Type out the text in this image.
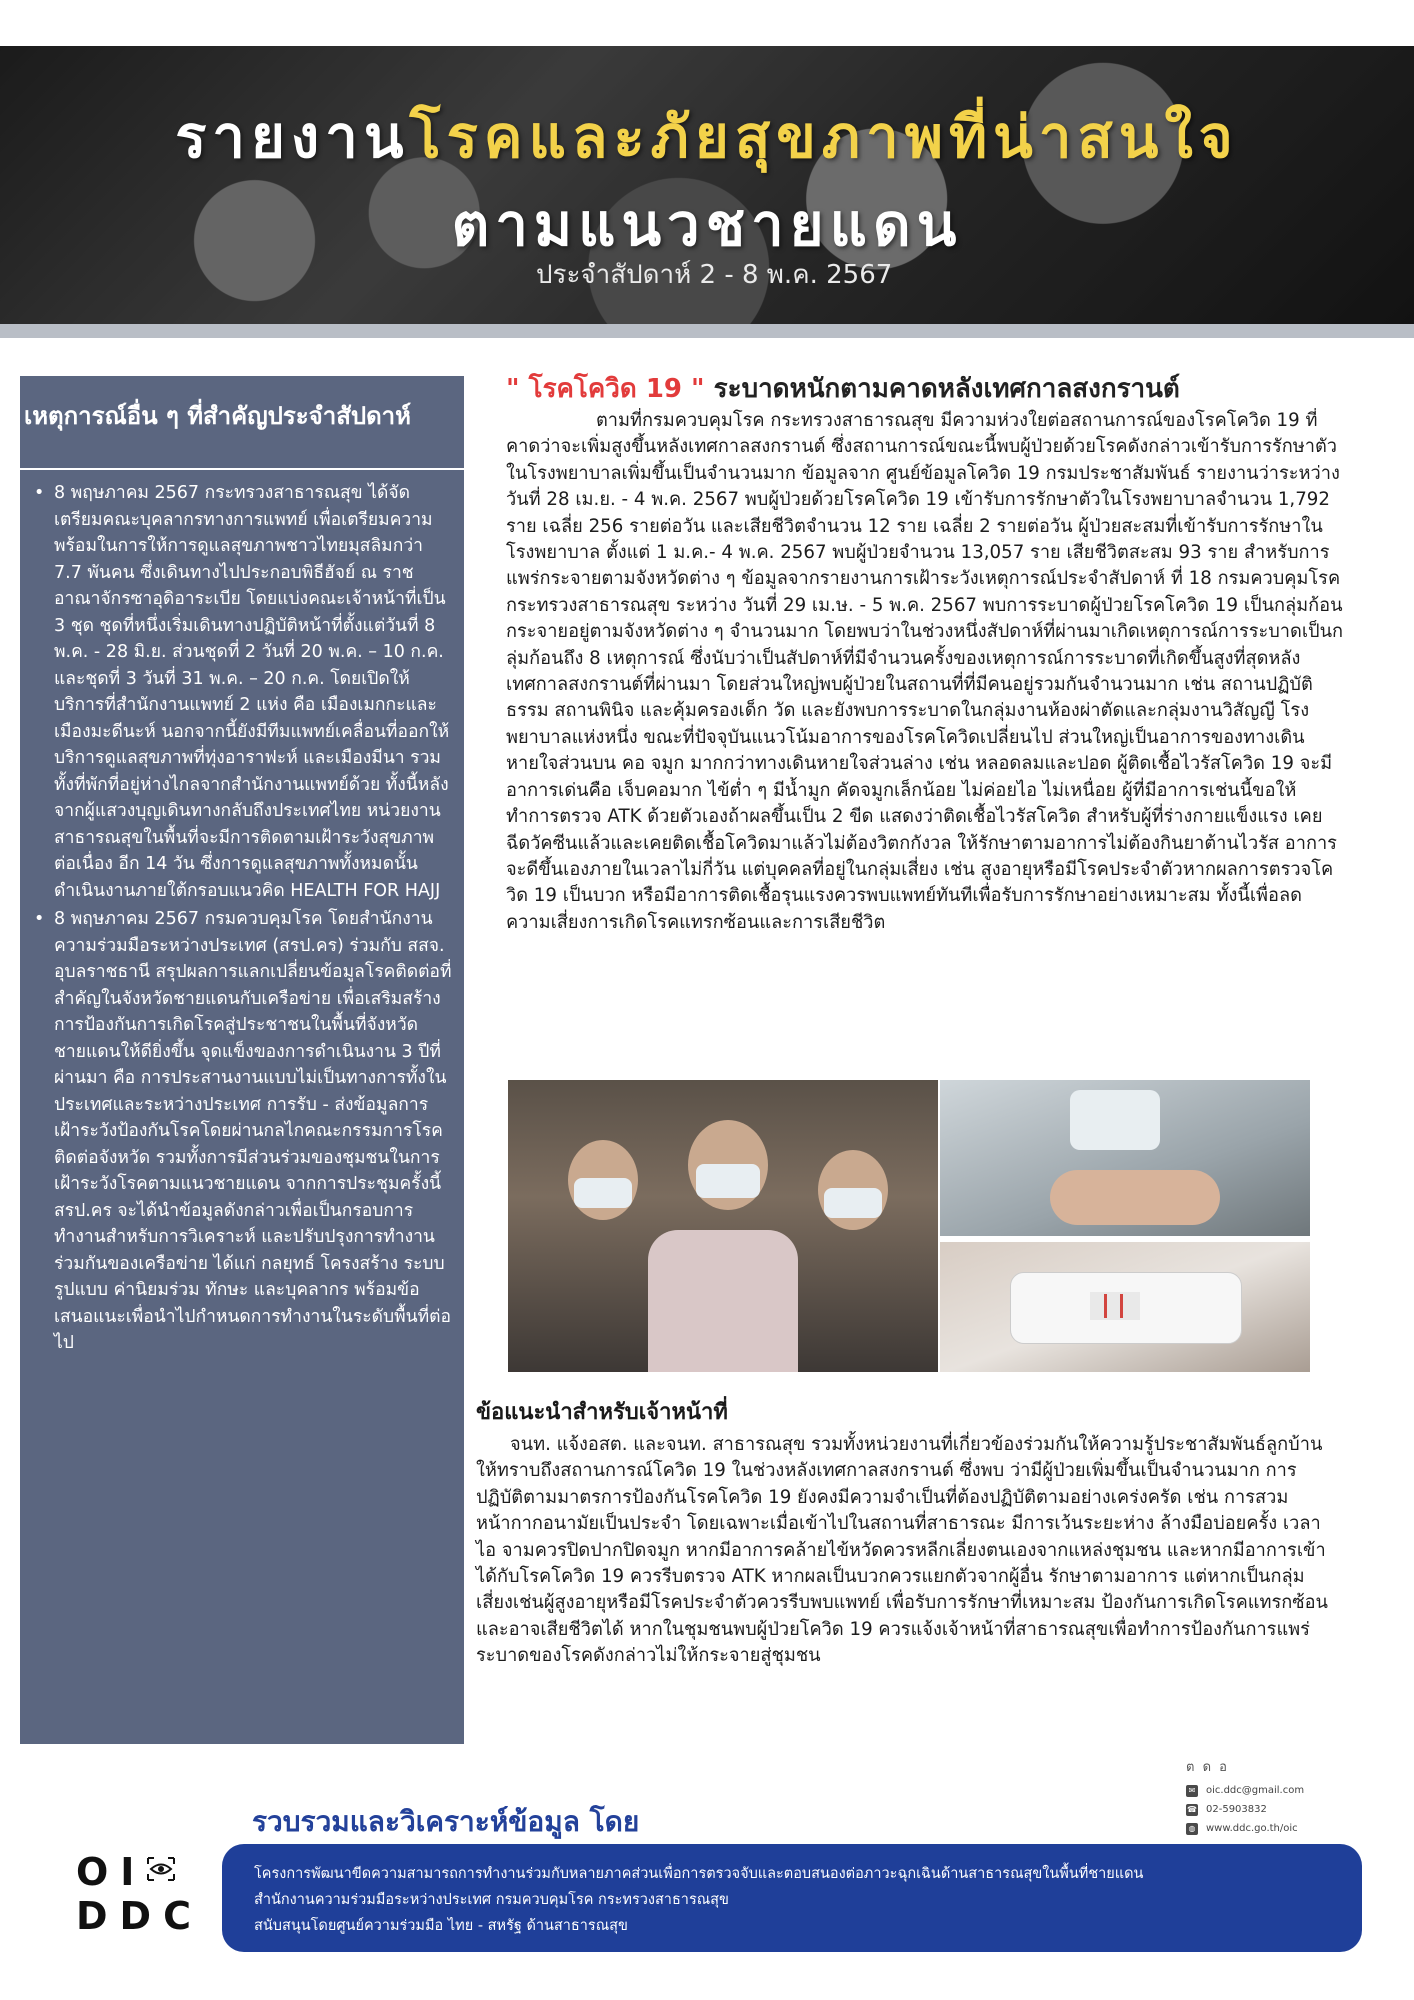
รายงานโรคและภัยสุขภาพที่น่าสนใจ
ตามแนวชายแดน
ประจำสัปดาห์ 2 - 8 พ.ค. 2567
เหตุการณ์อื่น ๆ ที่สำคัญประจำสัปดาห์
• 8 พฤษภาคม 2567 กระทรวงสาธารณสุข ได้จัดเตรียมคณะบุคลากรทางการแพทย์ เพื่อเตรียมความพร้อมในการให้การดูแลสุขภาพชาวไทยมุสลิมกว่า 7.7 พันคน ซึ่งเดินทางไปประกอบพิธีฮัจย์ ณ ราชอาณาจักรซาอุดิอาระเบีย โดยแบ่งคณะเจ้าหน้าที่เป็น 3 ชุด ชุดที่หนึ่งเริ่มเดินทางปฏิบัติหน้าที่ตั้งแต่วันที่ 8 พ.ค. - 28 มิ.ย. ส่วนชุดที่ 2 วันที่ 20 พ.ค. – 10 ก.ค. และชุดที่ 3 วันที่ 31 พ.ค. – 20 ก.ค. โดยเปิดให้บริการที่สำนักงานแพทย์ 2 แห่ง คือ เมืองเมกกะและเมืองมะดีนะห์ นอกจากนี้ยังมีทีมแพทย์เคลื่อนที่ออกให้บริการดูแลสุขภาพที่ทุ่งอาราฟะห์ และเมืองมีนา รวมทั้งที่พักที่อยู่ห่างไกลจากสำนักงานแพทย์ด้วย ทั้งนี้หลังจากผู้แสวงบุญเดินทางกลับถึงประเทศไทย หน่วยงานสาธารณสุขในพื้นที่จะมีการติดตามเฝ้าระวังสุขภาพต่อเนื่อง อีก 14 วัน ซึ่งการดูแลสุขภาพทั้งหมดนั้นดำเนินงานภายใต้กรอบแนวคิด HEALTH FOR HAJJ
• 8 พฤษภาคม 2567 กรมควบคุมโรค โดยสำนักงานความร่วมมือระหว่างประเทศ (สรป.คร) ร่วมกับ สสจ. อุบลราชธานี สรุปผลการแลกเปลี่ยนข้อมูลโรคติดต่อที่สำคัญในจังหวัดชายแดนกับเครือข่าย เพื่อเสริมสร้างการป้องกันการเกิดโรคสู่ประชาชนในพื้นที่จังหวัดชายแดนให้ดียิ่งขึ้น จุดแข็งของการดำเนินงาน 3 ปีที่ผ่านมา คือ การประสานงานแบบไม่เป็นทางการทั้งในประเทศและระหว่างประเทศ การรับ - ส่งข้อมูลการเฝ้าระวังป้องกันโรคโดยผ่านกลไกคณะกรรมการโรคติดต่อจังหวัด รวมทั้งการมีส่วนร่วมของชุมชนในการเฝ้าระวังโรคตามแนวชายแดน จากการประชุมครั้งนี้ สรป.คร จะได้นำข้อมูลดังกล่าวเพื่อเป็นกรอบการทำงานสำหรับการวิเคราะห์ และปรับปรุงการทำงานร่วมกันของเครือข่าย ได้แก่ กลยุทธ์ โครงสร้าง ระบบ รูปแบบ ค่านิยมร่วม ทักษะ และบุคลากร พร้อมข้อเสนอแนะเพื่อนำไปกำหนดการทำงานในระดับพื้นที่ต่อไป
" โรคโควิด 19 " ระบาดหนักตามคาดหลังเทศกาลสงกรานต์

ตามที่กรมควบคุมโรค กระทรวงสาธารณสุข มีความห่วงใยต่อสถานการณ์ของโรคโควิด 19 ที่คาดว่าจะเพิ่มสูงขึ้นหลังเทศกาลสงกรานต์ ซึ่งสถานการณ์ขณะนี้พบผู้ป่วยด้วยโรคดังกล่าวเข้ารับการรักษาตัวในโรงพยาบาลเพิ่มขึ้นเป็นจำนวนมาก ข้อมูลจาก ศูนย์ข้อมูลโควิด 19 กรมประชาสัมพันธ์ รายงานว่าระหว่างวันที่ 28 เม.ย. - 4 พ.ค. 2567 พบผู้ป่วยด้วยโรคโควิด 19 เข้ารับการรักษาตัวในโรงพยาบาลจำนวน 1,792 ราย เฉลี่ย 256 รายต่อวัน และเสียชีวิตจำนวน 12 ราย เฉลี่ย 2 รายต่อวัน ผู้ป่วยสะสมที่เข้ารับการรักษาในโรงพยาบาล ตั้งแต่ 1 ม.ค.- 4 พ.ค. 2567 พบผู้ป่วยจำนวน 13,057 ราย เสียชีวิตสะสม 93 ราย สำหรับการแพร่กระจายตามจังหวัดต่าง ๆ ข้อมูลจากรายงานการเฝ้าระวังเหตุการณ์ประจำสัปดาห์ ที่ 18 กรมควบคุมโรค กระทรวงสาธารณสุข ระหว่าง วันที่ 29 เม.ษ. - 5 พ.ค. 2567 พบการระบาดผู้ป่วยโรคโควิด 19 เป็นกลุ่มก้อนกระจายอยู่ตามจังหวัดต่าง ๆ จำนวนมาก โดยพบว่าในช่วงหนึ่งสัปดาห์ที่ผ่านมาเกิดเหตุการณ์การระบาดเป็นกลุ่มก้อนถึง 8 เหตุการณ์ ซึ่งนับว่าเป็นสัปดาห์ที่มีจำนวนครั้งของเหตุการณ์การระบาดที่เกิดขึ้นสูงที่สุดหลังเทศกาลสงกรานต์ที่ผ่านมา โดยส่วนใหญ่พบผู้ป่วยในสถานที่ที่มีคนอยู่รวมกันจำนวนมาก เช่น สถานปฏิบัติธรรม สถานพินิจ และคุ้มครองเด็ก วัด และยังพบการระบาดในกลุ่มงานห้องผ่าตัดและกลุ่มงานวิสัญญี โรงพยาบาลแห่งหนึ่ง ขณะที่ปัจจุบันแนวโน้มอาการของโรคโควิดเปลี่ยนไป ส่วนใหญ่เป็นอาการของทางเดินหายใจส่วนบน คอ จมูก มากกว่าทางเดินหายใจส่วนล่าง เช่น หลอดลมและปอด ผู้ติดเชื้อไวรัสโควิด 19 จะมีอาการเด่นคือ เจ็บคอมาก ไข้ต่ำ ๆ มีน้ำมูก คัดจมูกเล็กน้อย ไม่ค่อยไอ ไม่เหนื่อย ผู้ที่มีอาการเช่นนี้ขอให้ทำการตรวจ ATK ด้วยตัวเองถ้าผลขึ้นเป็น 2 ขีด แสดงว่าติดเชื้อไวรัสโควิด สำหรับผู้ที่ร่างกายแข็งแรง เคยฉีดวัคซีนแล้วและเคยติดเชื้อโควิดมาแล้วไม่ต้องวิตกกังวล ให้รักษาตามอาการไม่ต้องกินยาต้านไวรัส อาการจะดีขึ้นเองภายในเวลาไม่กี่วัน แต่บุคคลที่อยู่ในกลุ่มเสี่ยง เช่น สูงอายุหรือมีโรคประจำตัวหากผลการตรวจโควิด 19 เป็นบวก หรือมีอาการติดเชื้อรุนแรงควรพบแพทย์ทันทีเพื่อรับการรักษาอย่างเหมาะสม ทั้งนี้เพื่อลดความเสี่ยงการเกิดโรคแทรกซ้อนและการเสียชีวิต

ข้อแนะนำสำหรับเจ้าหน้าที่

จนท. แจ้งอสต. และจนท. สาธารณสุข รวมทั้งหน่วยงานที่เกี่ยวข้องร่วมกันให้ความรู้ประชาสัมพันธ์ลูกบ้านให้ทราบถึงสถานการณ์โควิด 19 ในช่วงหลังเทศกาลสงกรานต์ ซึ่งพบ ว่ามีผู้ป่วยเพิ่มขึ้นเป็นจำนวนมาก การปฏิบัติตามมาตรการป้องกันโรคโควิด 19 ยังคงมีความจำเป็นที่ต้องปฏิบัติตามอย่างเคร่งครัด เช่น การสวมหน้ากากอนามัยเป็นประจำ โดยเฉพาะเมื่อเข้าไปในสถานที่สาธารณะ มีการเว้นระยะห่าง ล้างมือบ่อยครั้ง เวลาไอ จามควรปิดปากปิดจมูก หากมีอาการคล้ายไข้หวัดควรหลีกเลี่ยงตนเองจากแหล่งชุมชน และหากมีอาการเข้าได้กับโรคโควิด 19 ควรรีบตรวจ ATK หากผลเป็นบวกควรแยกตัวจากผู้อื่น รักษาตามอาการ แต่หากเป็นกลุ่มเสี่ยงเช่นผู้สูงอายุหรือมีโรคประจำตัวควรรีบพบแพทย์ เพื่อรับการรักษาที่เหมาะสม ป้องกันการเกิดโรคแทรกซ้อนและอาจเสียชีวิตได้ หากในชุมชนพบผู้ป่วยโควิด 19 ควรแจ้งเจ้าหน้าที่สาธารณสุขเพื่อทำการป้องกันการแพร่ระบาดของโรคดังกล่าวไม่ให้กระจายสู่ชุมชน

ต ด อ
✉ oic.ddc@gmail.com
☎ 02-5903832
◍ www.ddc.go.th/oic
รวบรวมและวิเคราะห์ข้อมูล โดย
OI
DDC
โครงการพัฒนาขีดความสามารถการทำงานร่วมกับหลายภาคส่วนเพื่อการตรวจจับและตอบสนองต่อภาวะฉุกเฉินด้านสาธารณสุขในพื้นที่ชายแดน
สำนักงานความร่วมมือระหว่างประเทศ กรมควบคุมโรค กระทรวงสาธารณสุข
สนับสนุนโดยศูนย์ความร่วมมือ ไทย - สหรัฐ ด้านสาธารณสุข
